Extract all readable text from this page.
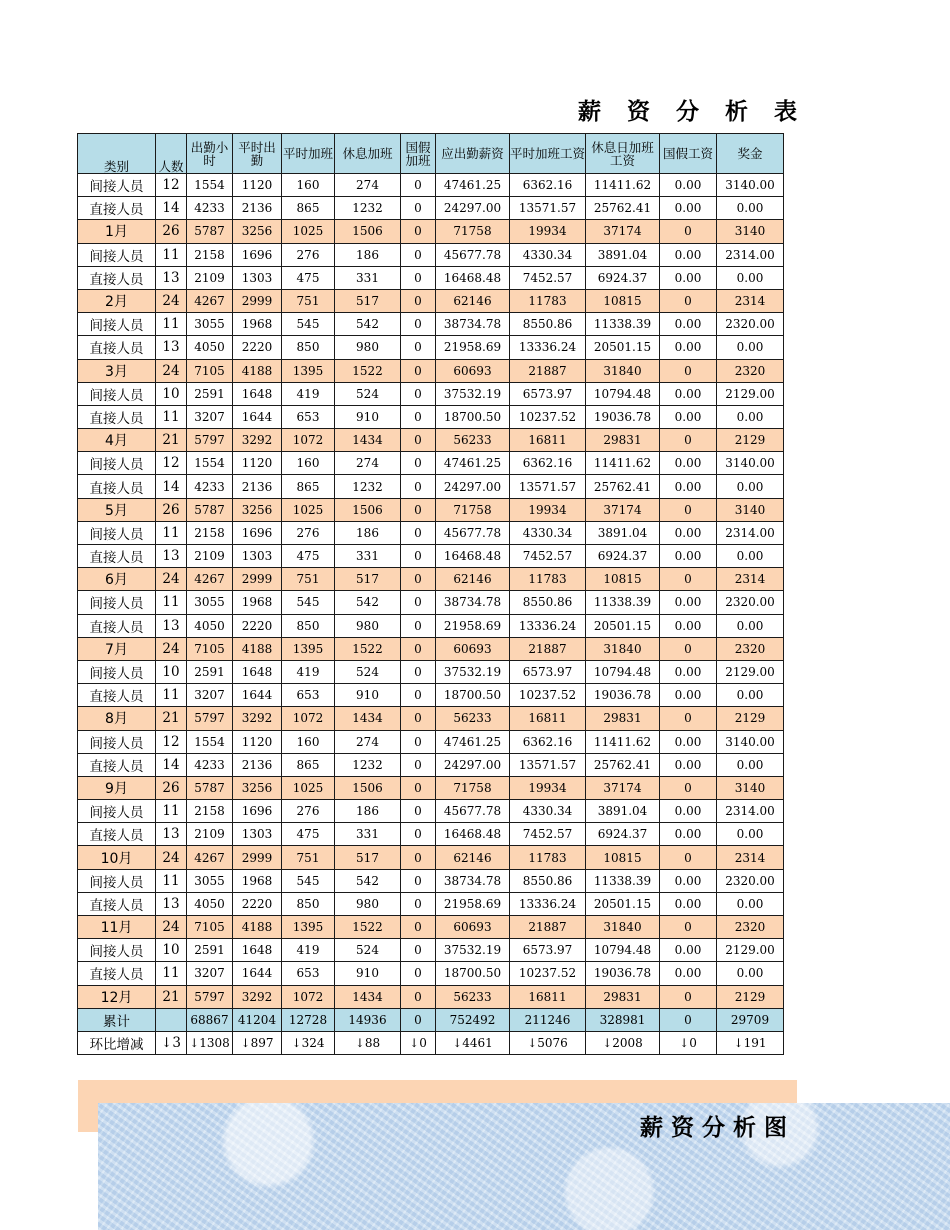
薪 资 分 析 表
类别	人数	出勤小时	平时出勤	平时加班	休息加班	国假加班	应出勤薪资	平时加班工资	休息日加班工资	国假工资	奖金
间接人员	12	1554	1120	160	274	0	47461.25	6362.16	11411.62	0.00	3140.00
直接人员	14	4233	2136	865	1232	0	24297.00	13571.57	25762.41	0.00	0.00
1月	26	5787	3256	1025	1506	0	71758	19934	37174	0	3140
间接人员	11	2158	1696	276	186	0	45677.78	4330.34	3891.04	0.00	2314.00
直接人员	13	2109	1303	475	331	0	16468.48	7452.57	6924.37	0.00	0.00
2月	24	4267	2999	751	517	0	62146	11783	10815	0	2314
间接人员	11	3055	1968	545	542	0	38734.78	8550.86	11338.39	0.00	2320.00
直接人员	13	4050	2220	850	980	0	21958.69	13336.24	20501.15	0.00	0.00
3月	24	7105	4188	1395	1522	0	60693	21887	31840	0	2320
间接人员	10	2591	1648	419	524	0	37532.19	6573.97	10794.48	0.00	2129.00
直接人员	11	3207	1644	653	910	0	18700.50	10237.52	19036.78	0.00	0.00
4月	21	5797	3292	1072	1434	0	56233	16811	29831	0	2129
间接人员	12	1554	1120	160	274	0	47461.25	6362.16	11411.62	0.00	3140.00
直接人员	14	4233	2136	865	1232	0	24297.00	13571.57	25762.41	0.00	0.00
5月	26	5787	3256	1025	1506	0	71758	19934	37174	0	3140
间接人员	11	2158	1696	276	186	0	45677.78	4330.34	3891.04	0.00	2314.00
直接人员	13	2109	1303	475	331	0	16468.48	7452.57	6924.37	0.00	0.00
6月	24	4267	2999	751	517	0	62146	11783	10815	0	2314
间接人员	11	3055	1968	545	542	0	38734.78	8550.86	11338.39	0.00	2320.00
直接人员	13	4050	2220	850	980	0	21958.69	13336.24	20501.15	0.00	0.00
7月	24	7105	4188	1395	1522	0	60693	21887	31840	0	2320
间接人员	10	2591	1648	419	524	0	37532.19	6573.97	10794.48	0.00	2129.00
直接人员	11	3207	1644	653	910	0	18700.50	10237.52	19036.78	0.00	0.00
8月	21	5797	3292	1072	1434	0	56233	16811	29831	0	2129
间接人员	12	1554	1120	160	274	0	47461.25	6362.16	11411.62	0.00	3140.00
直接人员	14	4233	2136	865	1232	0	24297.00	13571.57	25762.41	0.00	0.00
9月	26	5787	3256	1025	1506	0	71758	19934	37174	0	3140
间接人员	11	2158	1696	276	186	0	45677.78	4330.34	3891.04	0.00	2314.00
直接人员	13	2109	1303	475	331	0	16468.48	7452.57	6924.37	0.00	0.00
10月	24	4267	2999	751	517	0	62146	11783	10815	0	2314
间接人员	11	3055	1968	545	542	0	38734.78	8550.86	11338.39	0.00	2320.00
直接人员	13	4050	2220	850	980	0	21958.69	13336.24	20501.15	0.00	0.00
11月	24	7105	4188	1395	1522	0	60693	21887	31840	0	2320
间接人员	10	2591	1648	419	524	0	37532.19	6573.97	10794.48	0.00	2129.00
直接人员	11	3207	1644	653	910	0	18700.50	10237.52	19036.78	0.00	0.00
12月	21	5797	3292	1072	1434	0	56233	16811	29831	0	2129
累计		68867	41204	12728	14936	0	752492	211246	328981	0	29709
环比增减	↓3	↓1308	↓897	↓324	↓88	↓0	↓4461	↓5076	↓2008	↓0	↓191
薪资分析图
